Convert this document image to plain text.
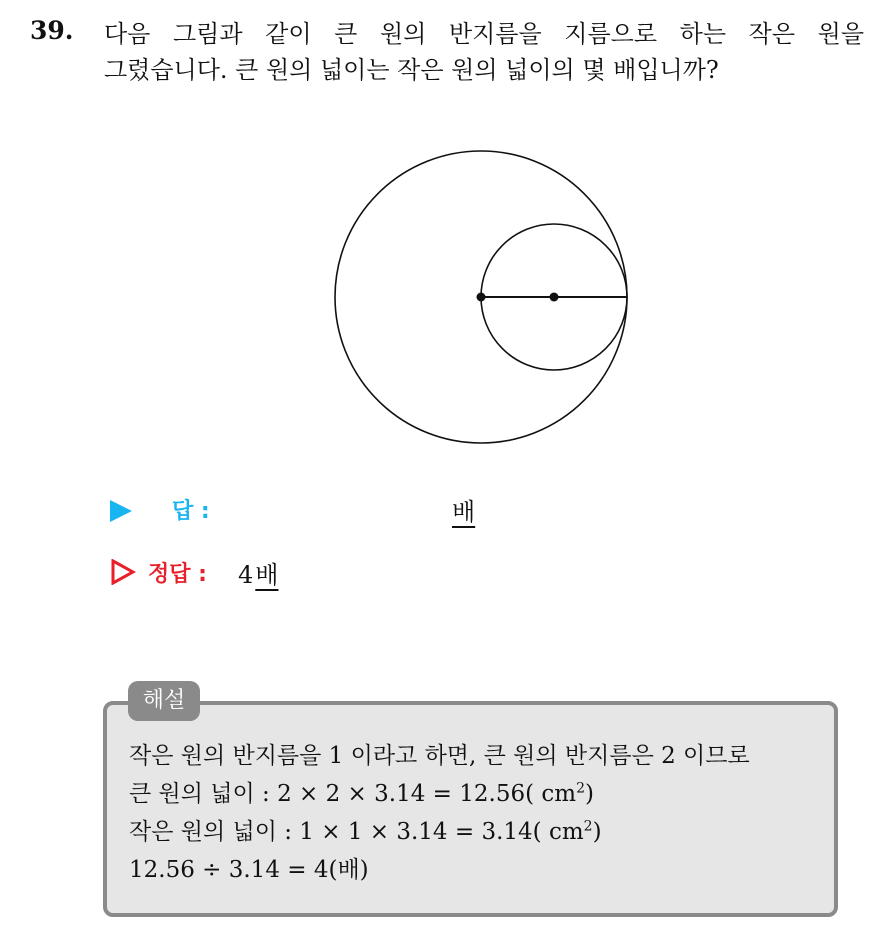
39. 다음 그림과 같이 큰 원의 반지름을 지름으로 하는 작은 원을
그렸습니다. 큰 원의 넓이는 작은 원의 넓이의 몇 배입니까?
답 :	배
정답 : 4배
작은 원의 반지름을 1 이라고 하면, 큰 원의 반지름은 2 이므로
큰 원의 넓이 : 2 × 2 × 3.14 = 12.56( $cm^2$)
작은 원의 넓이 : 1 × 1 × 3.14 = 3.14( $cm^2$)
12.56 ÷ 3.14 = 4(배)
해설
